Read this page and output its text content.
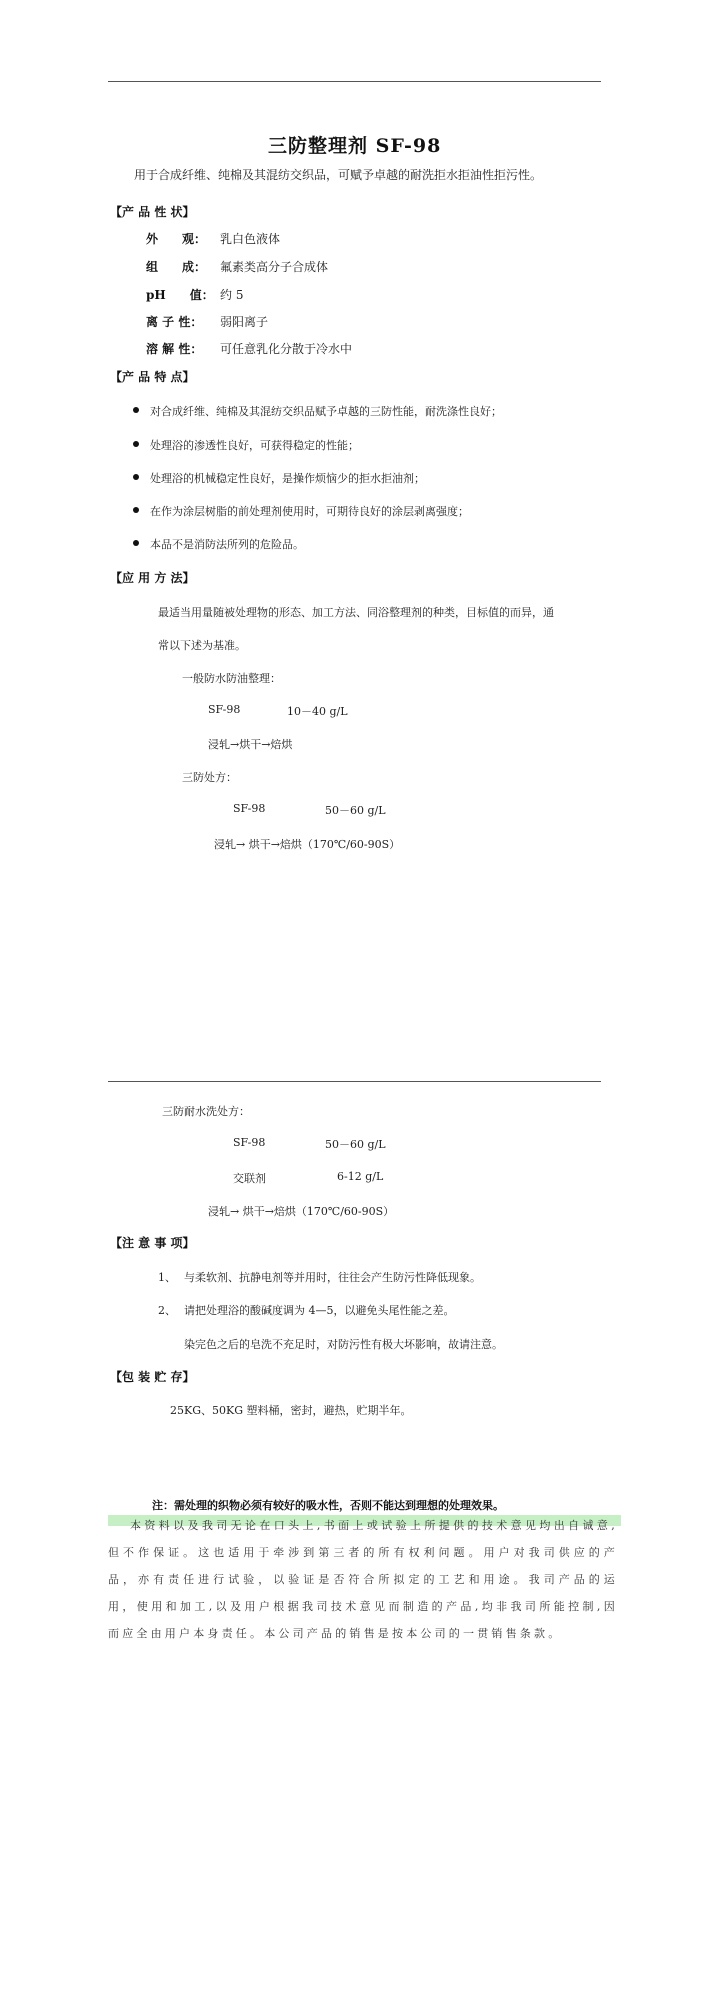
三防整理剂 SF-98
用于合成纤维、纯棉及其混纺交织品，可赋予卓越的耐洗拒水拒油性拒污性。
【产 品 性 状】
外　　观： 乳白色液体
组　　成： 氟素类高分子合成体
pH　　值： 约 5
离 子 性： 弱阳离子
溶 解 性： 可任意乳化分散于冷水中
【产 品 特 点】
对合成纤维、纯棉及其混纺交织品赋予卓越的三防性能，耐洗涤性良好；
处理浴的渗透性良好，可获得稳定的性能；
处理浴的机械稳定性良好，是操作烦恼少的拒水拒油剂；
在作为涂层树脂的前处理剂使用时，可期待良好的涂层剥离强度；
本品不是消防法所列的危险品。
【应 用 方 法】
最适当用量随被处理物的形态、加工方法、同浴整理剂的种类，目标值的而异，通
常以下述为基准。
一般防水防油整理：
SF-98	10－40 g/L
浸轧→烘干→焙烘
三防处方：
SF-98	50－60 g/L
浸轧→ 烘干→焙烘（170℃/60-90S）
三防耐水洗处方：
SF-98	50－60 g/L
交联剂	6-12 g/L
浸轧→ 烘干→焙烘（170℃/60-90S）
【注 意 事 项】
1、 与柔软剂、抗静电剂等并用时，往往会产生防污性降低现象。
2、 请把处理浴的酸碱度调为 4—5，以避免头尾性能之差。
染完色之后的皂洗不充足时，对防污性有极大坏影响，故请注意。
【包 装 贮 存】
25KG、50KG 塑料桶，密封，避热，贮期半年。
注：需处理的织物必须有较好的吸水性，否则不能达到理想的处理效果。
本资料以及我司无论在口头上,书面上或试验上所提供的技术意见均出自诚意,但不作保证。这也适用于牵涉到第三者的所有权利问题。用户对我司供应的产品，亦有责任进行试验，以验证是否符合所拟定的工艺和用途。我司产品的运用，使用和加工,以及用户根据我司技术意见而制造的产品,均非我司所能控制,因而应全由用户本身责任。本公司产品的销售是按本公司的一贯销售条款。
